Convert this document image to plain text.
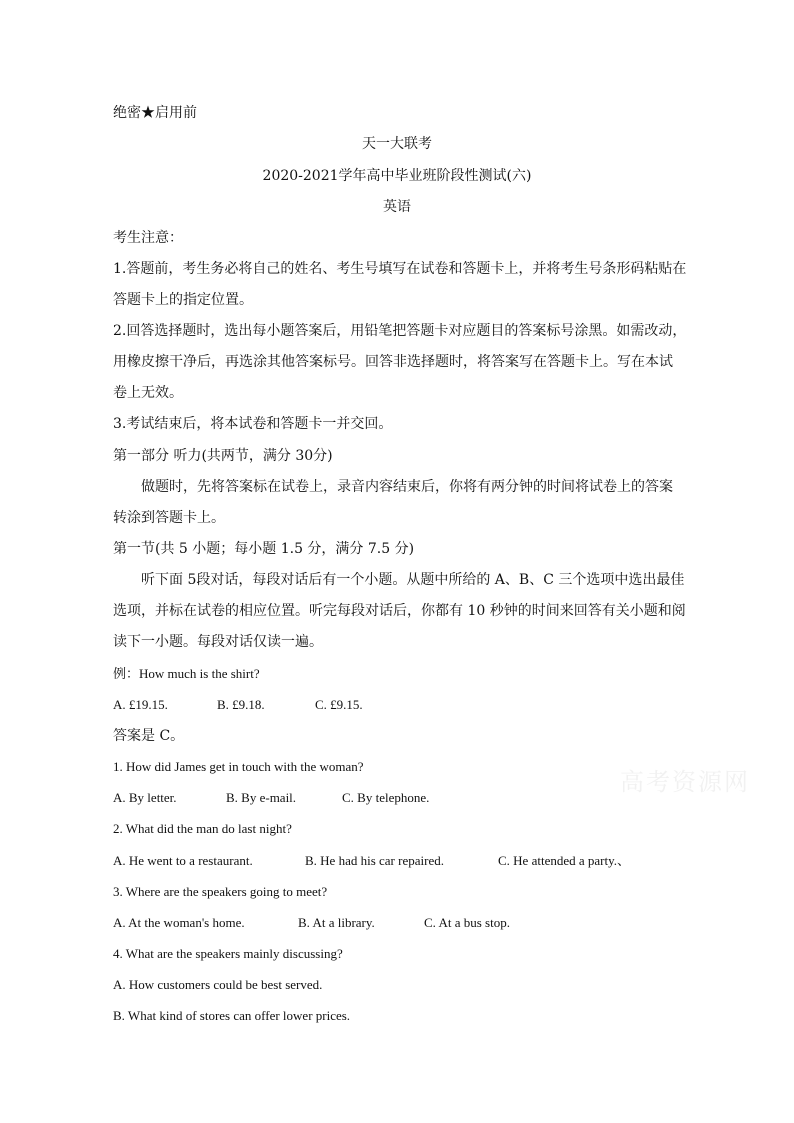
绝密★启用前
天一大联考
2020-2021学年高中毕业班阶段性测试(六)
英语
考生注意：
1.答题前，考生务必将自己的姓名、考生号填写在试卷和答题卡上，并将考生号条形码粘贴在
答题卡上的指定位置。
2.回答选择题时，选出每小题答案后，用铅笔把答题卡对应题目的答案标号涂黑。如需改动，
用橡皮擦干净后，再选涂其他答案标号。回答非选择题时，将答案写在答题卡上。写在本试
卷上无效。
3.考试结束后，将本试卷和答题卡一并交回。
第一部分 听力(共两节，满分 30分)
做题时，先将答案标在试卷上，录音内容结束后，你将有两分钟的时间将试卷上的答案
转涂到答题卡上。
第一节(共 5 小题；每小题 1.5 分，满分 7.5 分)
听下面 5段对话，每段对话后有一个小题。从题中所给的 A、B、C 三个选项中选出最佳
选项，并标在试卷的相应位置。听完每段对话后，你都有 10 秒钟的时间来回答有关小题和阅
读下一小题。每段对话仅读一遍。
例：How much is the shirt?
A. £19.15.	B. £9.18.	C. £9.15.
答案是 C。
1. How did James get in touch with the woman?
A. By letter.	B. By e-mail.	C. By telephone.
2. What did the man do last night?
A. He went to a restaurant.	B. He had his car repaired.	C. He attended a party.、
3. Where are the speakers going to meet?
A. At the woman's home.	B. At a library.	C. At a bus stop.
4. What are the speakers mainly discussing?
A. How customers could be best served.
B. What kind of stores can offer lower prices.
高考资源网
